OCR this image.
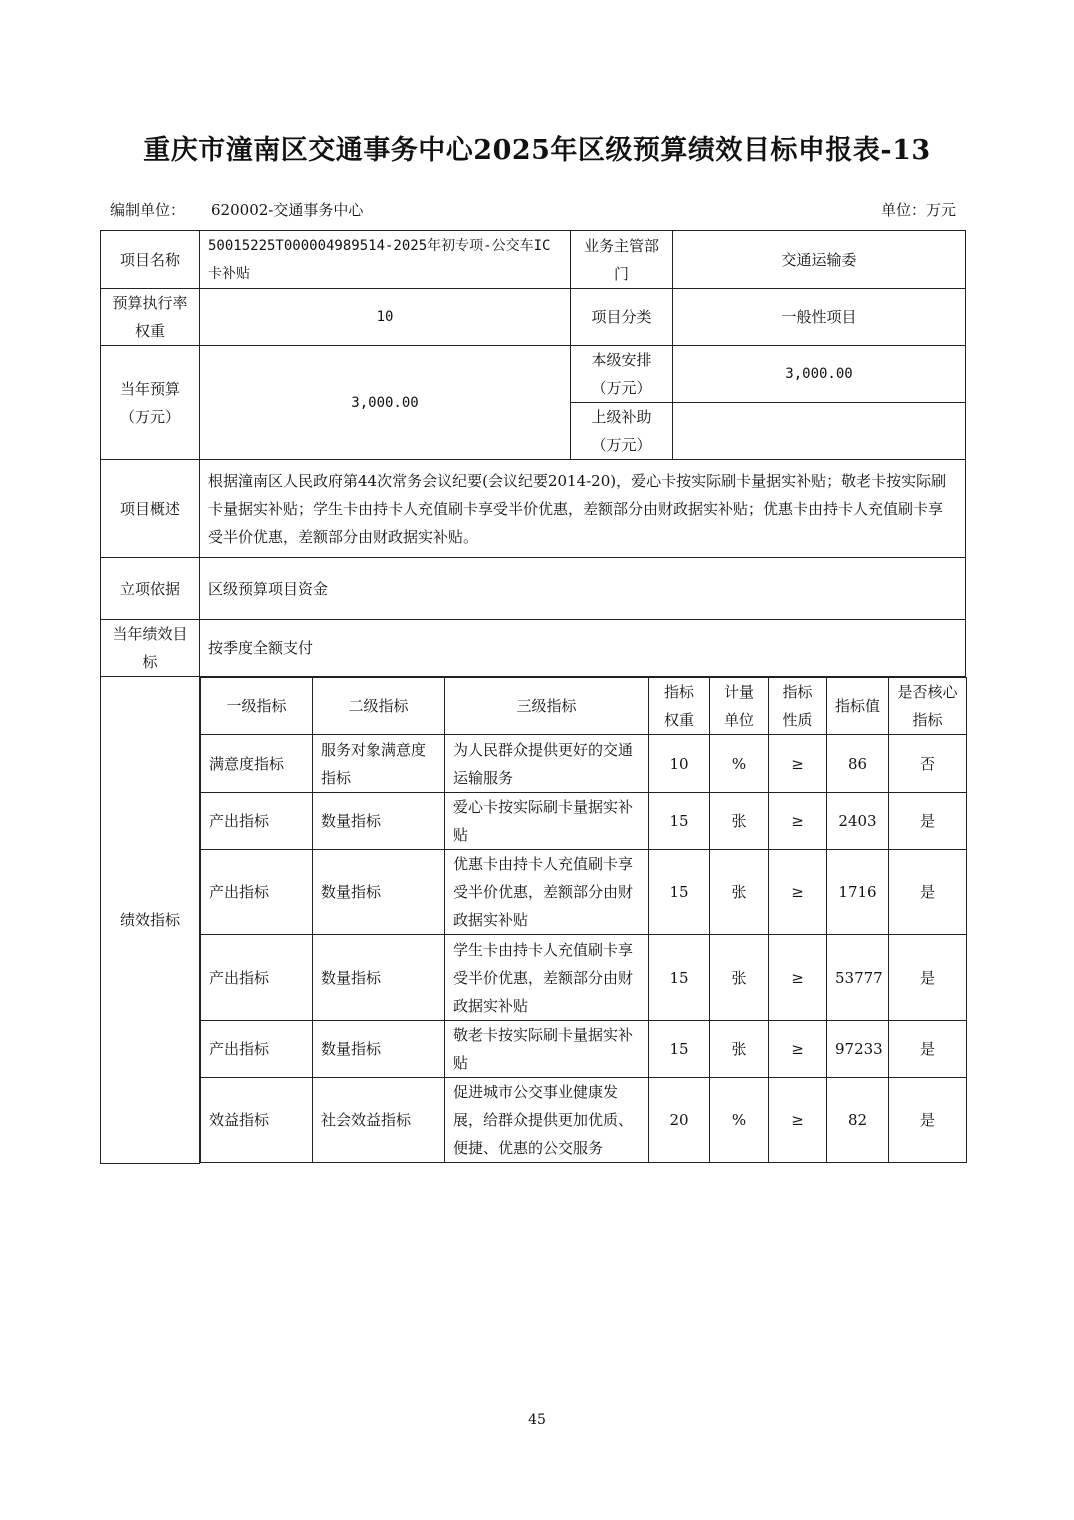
重庆市潼南区交通事务中心2025年区级预算绩效目标申报表-13
编制单位： 620002-交通事务中心	单位：万元
项目名称	50015225T000004989514-2025年初专项-公交车IC卡补贴	业务主管部门	交通运输委
预算执行率权重	10	项目分类	一般性项目
当年预算（万元）	3,000.00	本级安排（万元）	3,000.00
上级补助（万元）	
项目概述	根据潼南区人民政府第44次常务会议纪要(会议纪要2014-20)，爱心卡按实际刷卡量据实补贴；敬老卡按实际刷卡量据实补贴；学生卡由持卡人充值刷卡享受半价优惠，差额部分由财政据实补贴；优惠卡由持卡人充值刷卡享受半价优惠，差额部分由财政据实补贴。
立项依据	区级预算项目资金
当年绩效目标	按季度全额支付
绩效指标	
一级指标	二级指标	三级指标	指标权重	计量单位	指标性质	指标值	是否核心指标
满意度指标	服务对象满意度指标	为人民群众提供更好的交通运输服务	10	%	≥	86	否
产出指标	数量指标	爱心卡按实际刷卡量据实补贴	15	张	≥	2403	是
产出指标	数量指标	优惠卡由持卡人充值刷卡享受半价优惠，差额部分由财政据实补贴	15	张	≥	1716	是
产出指标	数量指标	学生卡由持卡人充值刷卡享受半价优惠，差额部分由财政据实补贴	15	张	≥	53777	是
产出指标	数量指标	敬老卡按实际刷卡量据实补贴	15	张	≥	97233	是
效益指标	社会效益指标	促进城市公交事业健康发展，给群众提供更加优质、便捷、优惠的公交服务	20	%	≥	82	是
45
